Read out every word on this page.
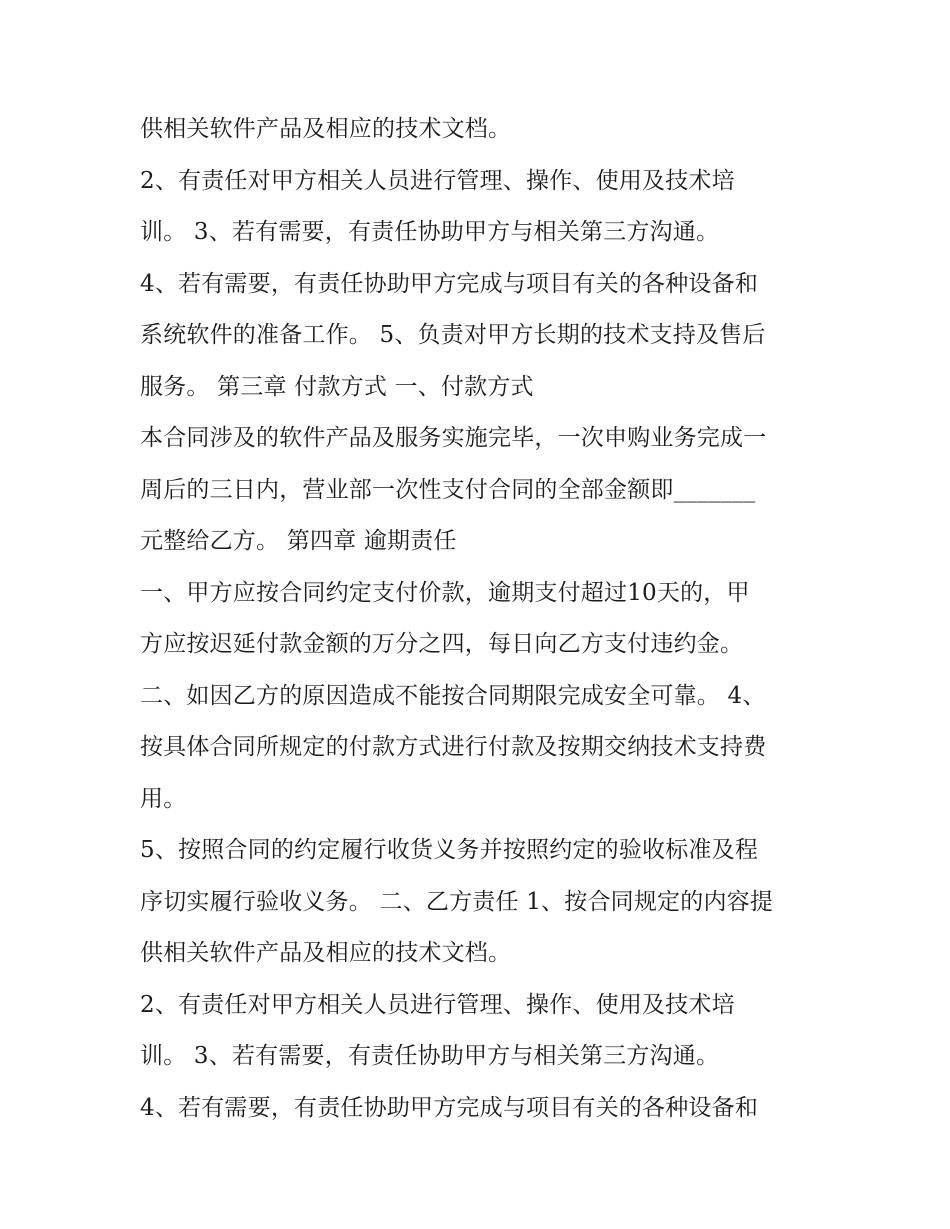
供相关软件产品及相应的技术文档。
2、有责任对甲方相关人员进行管理、操作、使用及技术培
训。 3、若有需要，有责任协助甲方与相关第三方沟通。
4、若有需要，有责任协助甲方完成与项目有关的各种设备和
系统软件的准备工作。 5、负责对甲方长期的技术支持及售后
服务。 第三章 付款方式 一、付款方式
本合同涉及的软件产品及服务实施完毕，一次申购业务完成一
周后的三日内，营业部一次性支付合同的全部金额即_______
元整给乙方。 第四章 逾期责任
一、甲方应按合同约定支付价款，逾期支付超过10天的，甲
方应按迟延付款金额的万分之四，每日向乙方支付违约金。
二、如因乙方的原因造成不能按合同期限完成安全可靠。 4、
按具体合同所规定的付款方式进行付款及按期交纳技术支持费
用。
5、按照合同的约定履行收货义务并按照约定的验收标准及程
序切实履行验收义务。 二、乙方责任 1、按合同规定的内容提
供相关软件产品及相应的技术文档。
2、有责任对甲方相关人员进行管理、操作、使用及技术培
训。 3、若有需要，有责任协助甲方与相关第三方沟通。
4、若有需要，有责任协助甲方完成与项目有关的各种设备和
